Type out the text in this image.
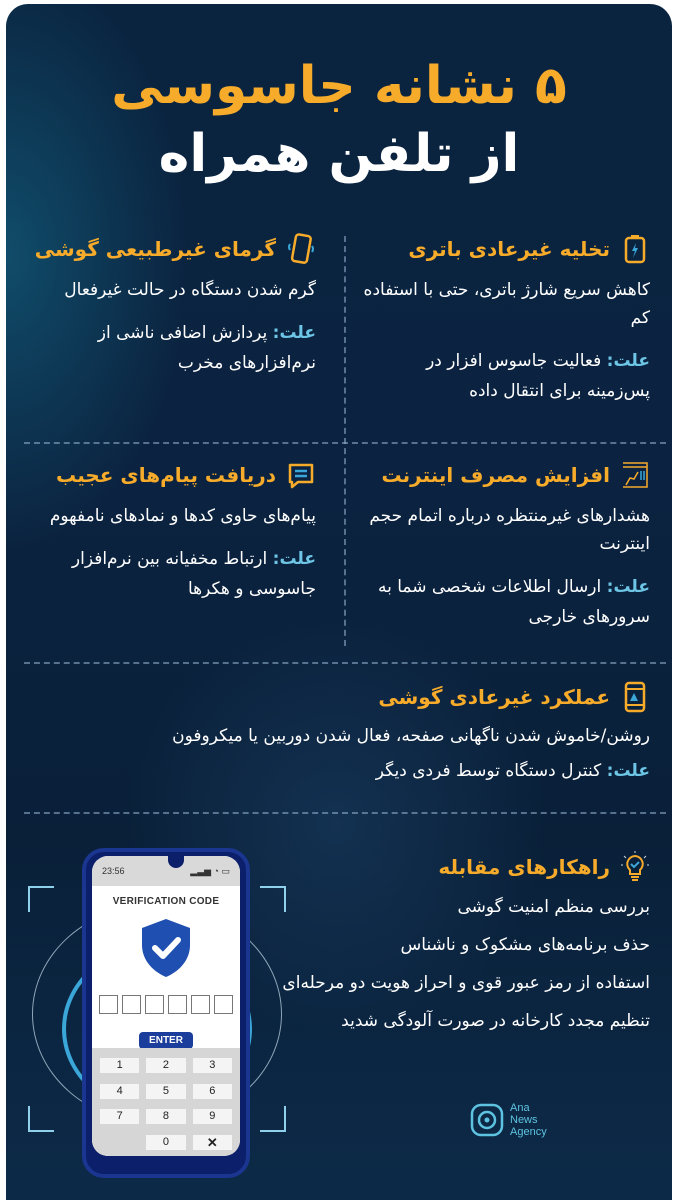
۵ نشانه جاسوسی
از تلفن همراه
تخلیه غیرعادی باتری
کاهش سریع شارژ باتری، حتی با استفاده کم
علت: فعالیت جاسوس افزار در پس‌زمینه برای انتقال داده
گرمای غیرطبیعی گوشی
گرم شدن دستگاه در حالت غیرفعال
علت: پردازش اضافی ناشی از نرم‌افزارهای مخرب
افزایش مصرف اینترنت
هشدارهای غیرمنتظره درباره اتمام حجم اینترنت
علت: ارسال اطلاعات شخصی شما به سرورهای خارجی
دریافت پیام‌های عجیب
پیام‌های حاوی کدها و نمادهای نامفهوم
علت: ارتباط مخفیانه بین نرم‌افزار جاسوسی و هکرها
عملکرد غیرعادی گوشی
روشن/خاموش شدن ناگهانی صفحه، فعال شدن دوربین یا میکروفون
علت: کنترل دستگاه توسط فردی دیگر
راهکارهای مقابله
بررسی منظم امنیت گوشی
حذف برنامه‌های مشکوک و ناشناس
استفاده از رمز عبور قوی و احراز هویت دو مرحله‌ای
تنظیم مجدد کارخانه در صورت آلودگی شدید
23:56	▂▃▅ ◔ ▭
VERIFICATION CODE
ENTER
1	2	3
4	5	6
7	8	9
0	✕
Ana
News
Agency
